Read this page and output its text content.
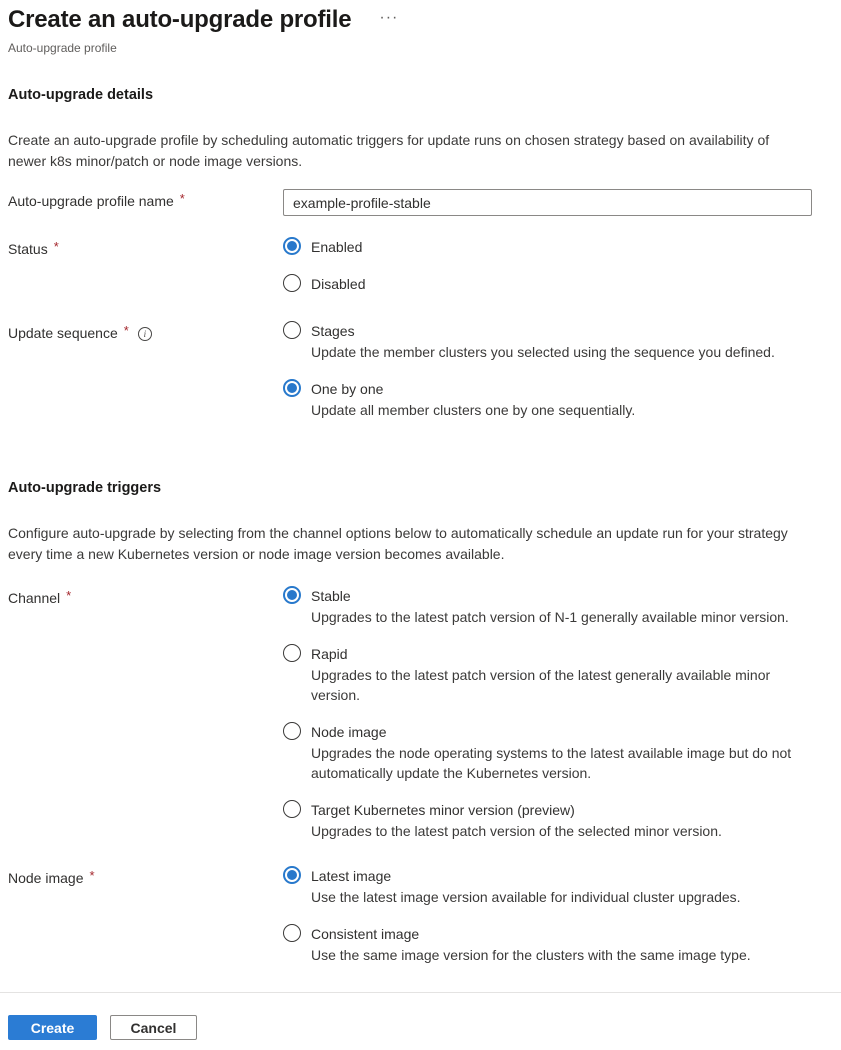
Create an auto-upgrade profile ···
Auto-upgrade profile
Auto-upgrade details

Create an auto-upgrade profile by scheduling automatic triggers for update runs on chosen strategy based on availability of newer k8s minor/patch or node image versions.

Auto-upgrade profile name *
example-profile-stable
Status *	Enabled
Disabled
Update sequence *	i	Stages
Update the member clusters you selected using the sequence you defined.
One by one
Update all member clusters one by one sequentially.
Auto-upgrade triggers

Configure auto-upgrade by selecting from the channel options below to automatically schedule an update run for your strategy every time a new Kubernetes version or node image version becomes available.

Channel *	Stable
Upgrades to the latest patch version of N-1 generally available minor version.
Rapid
Upgrades to the latest patch version of the latest generally available minor version.
Node image
Upgrades the node operating systems to the latest available image but do not automatically update the Kubernetes version.
Target Kubernetes minor version (preview)
Upgrades to the latest patch version of the selected minor version.
Node image *	Latest image
Use the latest image version available for individual cluster upgrades.
Consistent image
Use the same image version for the clusters with the same image type.
Create	Cancel
